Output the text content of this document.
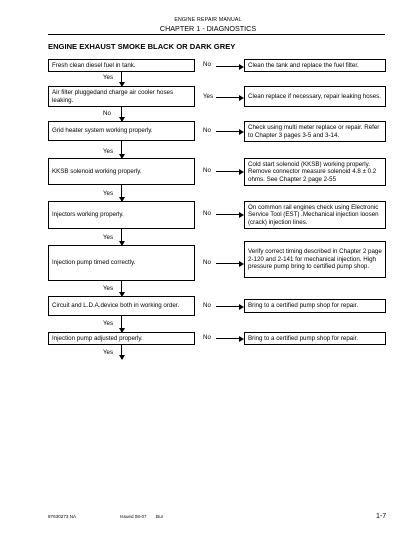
ENGINE REPAIR MANUAL
CHAPTER 1 - DIAGNOSTICS
ENGINE EXHAUST SMOKE BLACK OR DARK GREY
Fresh clean diesel fuel in tank.	No	Clean the tank and replace the fuel filter.
Yes
Air filter pluggedand charge air cooler hoses leaking.	Yes	Clean replace if necessary, repair leaking hoses.
No
Grid heater system working properly.	No	Check using multi meter replace or repair. Refer to Chapter 3 pages 3-5 and 3-14.
Yes
KKSB solenoid working properly.	No
Cold start solenoid (KKSB) working properly. Remove connector measure solenoid 4.8 ± 0.2 ohms. See Chapter 2 page 2-55
Yes
Injectors working properly.	No
On common rail engines check using Electronic Service Tool (EST) .Mechanical injection loosen (crack) injection lines.
Yes
Injection pump timed correctly.	No
Verify correct timing described in Chapter 2 page 2-120 and 2-141 for mechanical injection. High pressure pump bring to certified pump shop.
Yes
Circuit and L.D.A.device both in working order.	No	Bring to a certified pump shop for repair.
Yes
Injection pump adjusted properly.	No	Bring to a certified pump shop for repair.
Yes
87630273 NA	Issued 08-07 Bur	1-7
